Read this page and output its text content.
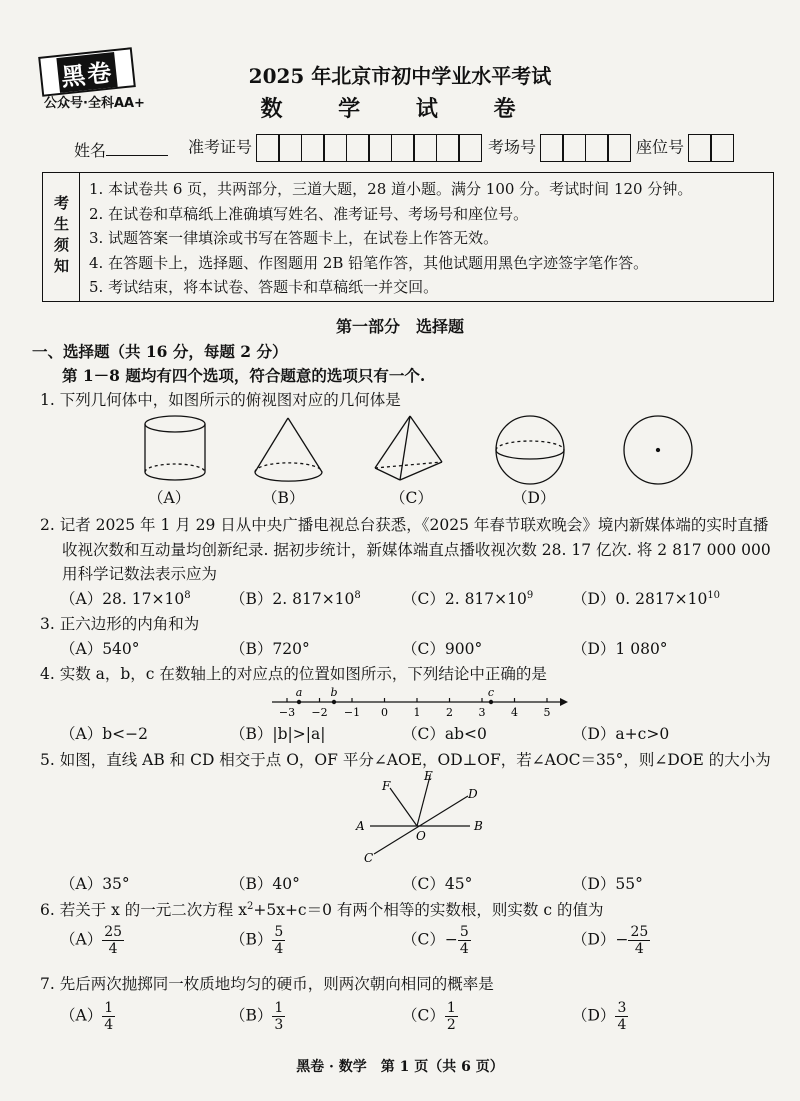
黑卷
公众号·全科AA+
2025 年北京市初中学业水平考试
数 学 试 卷
姓名	准考证号	考场号	座位号
考生须知
1. 本试卷共 6 页，共两部分，三道大题，28 道小题。满分 100 分。考试时间 120 分钟。
2. 在试卷和草稿纸上准确填写姓名、准考证号、考场号和座位号。
3. 试题答案一律填涂或书写在答题卡上，在试卷上作答无效。
4. 在答题卡上，选择题、作图题用 2B 铅笔作答，其他试题用黑色字迹签字笔作答。
5. 考试结束，将本试卷、答题卡和草稿纸一并交回。
第一部分　选择题
一、选择题（共 16 分，每题 2 分）
第 1－8 题均有四个选项，符合题意的选项只有一个.
1. 下列几何体中，如图所示的俯视图对应的几何体是
（A）	（B）	（C）	（D）
2. 记者 2025 年 1 月 29 日从中央广播电视总台获悉，《2025 年春节联欢晚会》境内新媒体端的实时直播
收视次数和互动量均创新纪录. 据初步统计，新媒体端直点播收视次数 28. 17 亿次. 将 2 817 000 000
用科学记数法表示应为
（A）28. $17\times 10^8$	（B）2. $817\times 10^8$	（C）2. $817\times 10^9$	（D）0. $2817\times 10^{10}$
3. 正六边形的内角和为
（A）540°	（B）720°	（C）900°	（D）1 080°
4. 实数 a，b，c 在数轴上的对应点的位置如图所示，下列结论中正确的是
−3 −2 −1 0 1 2 3 4 5
a	b	c
（A）b<−2	（B）|b|>|a|	（C）ab<0	（D）a+c>0
5. 如图，直线 AB 和 CD 相交于点 O，OF 平分∠AOE，OD⊥OF，若∠AOC＝35°，则∠DOE 的大小为
A	B
C
D
E
F
O
（A）35°	（B）40°	（C）45°	（D）55°
6. 若关于 x 的一元二次方程 $x^2+5x+c=0$ 有两个相等的实数根，则实数 c 的值为
$(A) \frac{25}{4}$	$(B) \frac{5}{4}$	$(C)- \frac{5}{4}$	$(D)- \frac{25}{4}$
7. 先后两次抛掷同一枚质地均匀的硬币，则两次朝向相同的概率是
$(A) \frac{1}{4}$	$(B) \frac{1}{3}$	$(C) \frac{1}{2}$	$(D) \frac{3}{4}$
黑卷 · 数学　第 1 页（共 6 页）
